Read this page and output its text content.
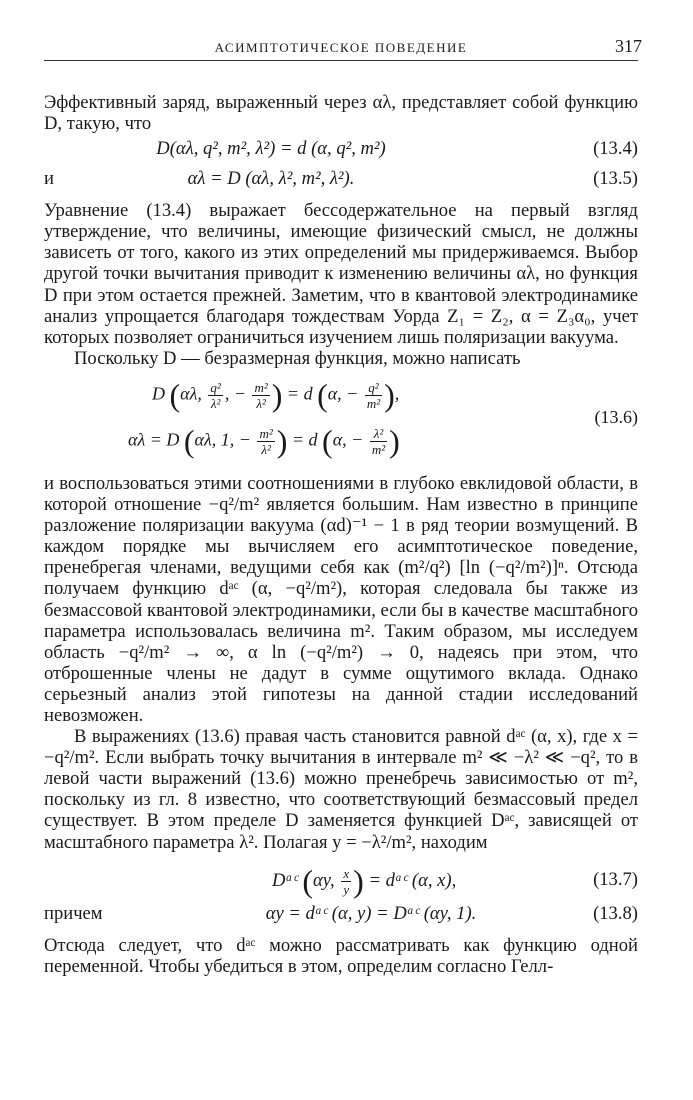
АСИМПТОТИЧЕСКОЕ ПОВЕДЕНИЕ	317

Эффективный заряд, выраженный через αλ, представляет собой функцию D, такую, что

D(αλ, q², m², λ²) = d (α, q², m²)	(13.4)
и	αλ = D (αλ, λ², m², λ²).	(13.5)

Уравнение (13.4) выражает бессодержательное на первый взгляд утверждение, что величины, имеющие физический смысл, не должны зависеть от того, какого из этих определений мы придерживаемся. Выбор другой точки вычитания приводит к изменению величины αλ, но функция D при этом остается прежней. Заметим, что в квантовой электродинамике анализ упрощается благодаря тождествам Уорда Z₁ = Z₂, α = Z₃α₀, учет которых позволяет ограничиться изучением лишь поляризации вакуума.

Поскольку D — безразмерная функция, можно написать

D (αλ, $\frac{\text{q²}}{\text{λ²}}$ , − $\frac{\text{m²}}{\text{λ²}}$ ) = d (α, − $\frac{\text{q²}}{\text{m²}}$ ),
αλ = D (αλ, 1, − $\frac{\text{m²}}{\text{λ²}}$ ) = d (α, − $\frac{\text{λ²}}{\text{m²}}$ )
(13.6)

и воспользоваться этими соотношениями в глубоко евклидовой области, в которой отношение −q²/m² является большим. Нам известно в принципе разложение поляризации вакуума (αd)⁻¹ − 1 в ряд теории возмущений. В каждом порядке мы вычисляем его асимптотическое поведение, пренебрегая членами, ведущими себя как (m²/q²) [ln (−q²/m²)]ⁿ. Отсюда получаем функцию dᵃᶜ (α, −q²/m²), которая следовала бы также из безмассовой квантовой электродинамики, если бы в качестве масштабного параметра использовалась величина m². Таким образом, мы исследуем область −q²/m² → ∞, α ln (−q²/m²) → 0, надеясь при этом, что отброшенные члены не дадут в сумме ощутимого вклада. Однако серьезный анализ этой гипотезы на данной стадии исследований невозможен.

В выражениях (13.6) правая часть становится равной dᵃᶜ (α, x), где x = −q²/m². Если выбрать точку вычитания в интервале m² ≪ −λ² ≪ −q², то в левой части выражений (13.6) можно пренебречь зависимостью от m², поскольку из гл. 8 известно, что соответствующий безмассовый предел существует. В этом пределе D заменяется функцией Dᵃᶜ, зависящей от масштабного параметра λ². Полагая y = −λ²/m², находим

Dᵃᶜ (αy, $\frac{x}{y}$ ) = dᵃᶜ (α, x),	(13.7)
причем	αy = dᵃᶜ (α, y) = Dᵃᶜ (αy, 1).	(13.8)

Отсюда следует, что dᵃᶜ можно рассматривать как функцию одной переменной. Чтобы убедиться в этом, определим согласно Гелл-
